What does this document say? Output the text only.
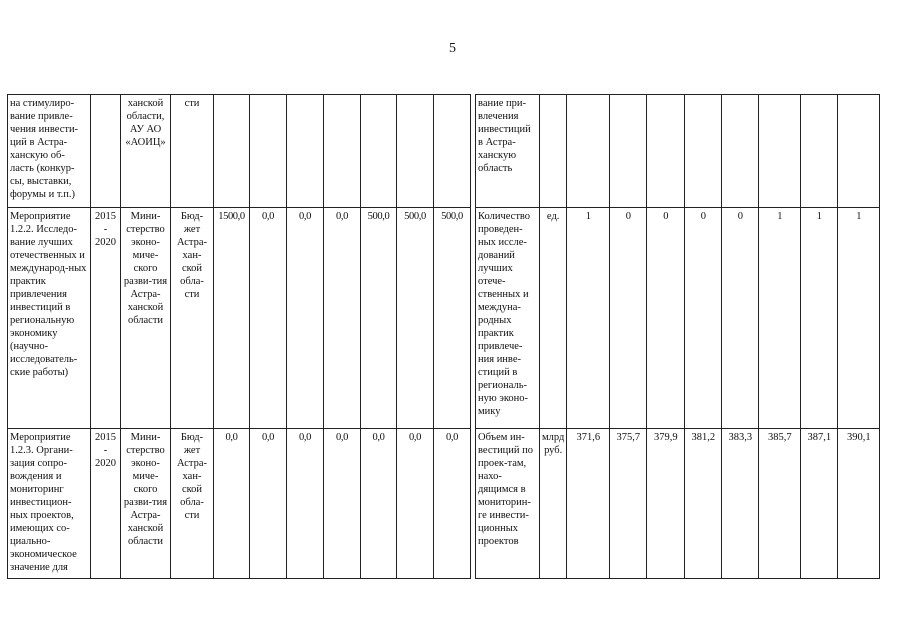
5
на стимулиро-вание привле-чения инвести-ций в Астра-ханскую об-ласть (конкур-сы, выставки, форумы и т.п.)		ханской области, АУ АО «АОИЦ»	сти									вание при-влечения инвестиций в Астра-ханскую область									
Мероприятие 1.2.2. Исследо-вание лучших отечественных и международ-ных практик привлечения инвестиций в региональную экономику (научно-исследователь-ские работы)	2015 - 2020	Мини-стерство эконо-миче-ского разви-тия Астра-ханской области	Бюд-жет Астра-хан-ской обла-сти	1500,0	0,0	0,0	0,0	500,0	500,0	500,0		Количество проведен-ных иссле-дований лучших отече-ственных и междуна-родных практик привлече-ния инве-стиций в региональ-ную эконо-мику	ед.	1	0	0	0	0	1	1	1
Мероприятие 1.2.3. Органи-зация сопро-вождения и мониторинг инвестицион-ных проектов, имеющих со-циально-экономическое значение для	2015 - 2020	Мини-стерство эконо-миче-ского разви-тия Астра-ханской области	Бюд-жет Астра-хан-ской обла-сти	0,0	0,0	0,0	0,0	0,0	0,0	0,0		Объем ин-вестиций по проек-там, нахо-дящимся в мониторин-ге инвести-ционных проектов	млрд руб.	371,6	375,7	379,9	381,2	383,3	385,7	387,1	390,1
